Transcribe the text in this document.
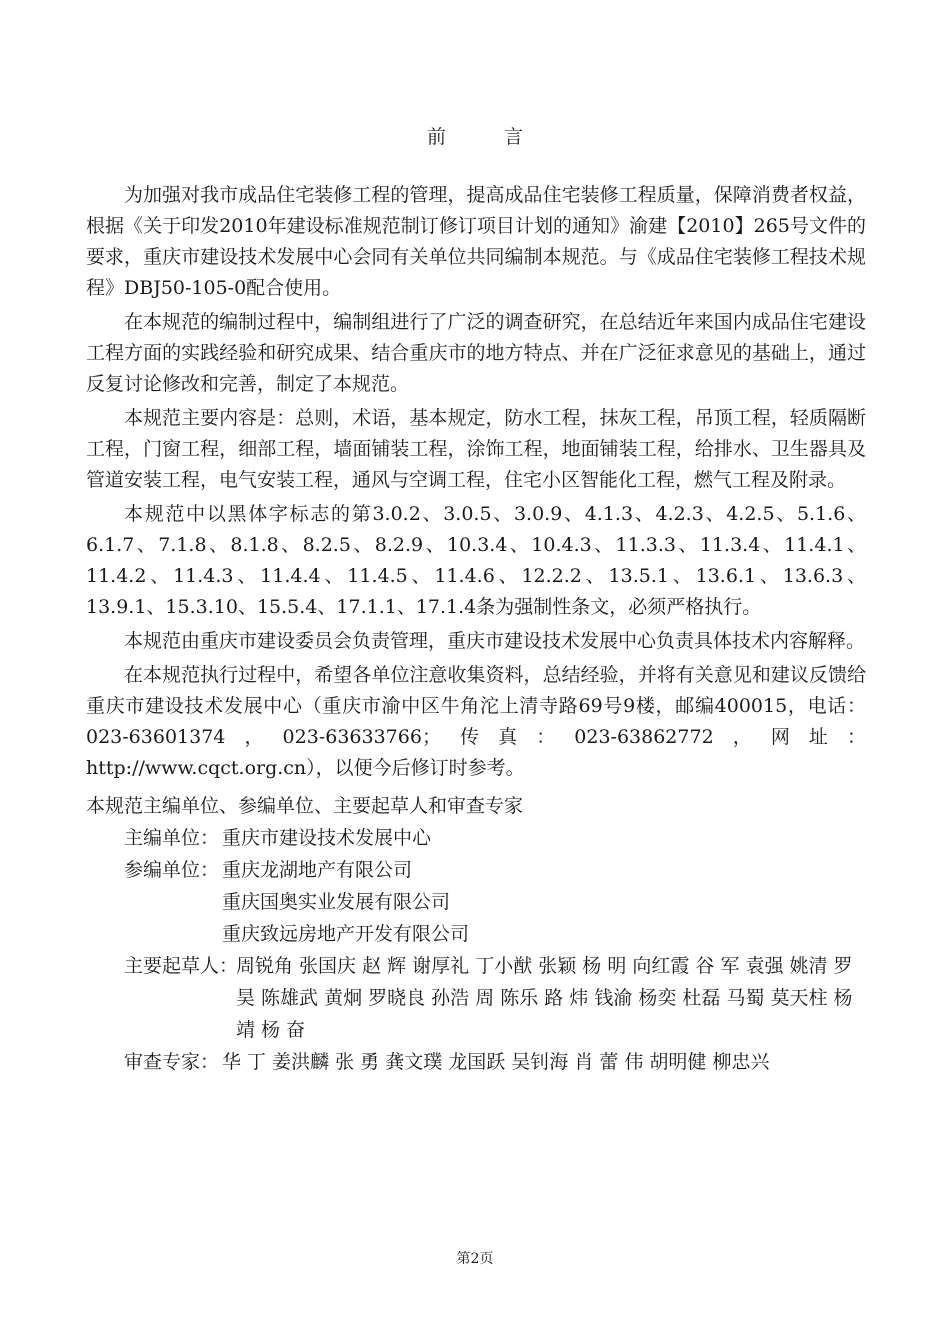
前 言

为加强对我市成品住宅装修工程的管理，提高成品住宅装修工程质量，保障消费者权益，根据《关于印发2010年建设标准规范制订修订项目计划的通知》渝建【2010】265号文件的要求，重庆市建设技术发展中心会同有关单位共同编制本规范。与《成品住宅装修工程技术规程》DBJ50-105-0配合使用。

在本规范的编制过程中，编制组进行了广泛的调查研究，在总结近年来国内成品住宅建设工程方面的实践经验和研究成果、结合重庆市的地方特点、并在广泛征求意见的基础上，通过反复讨论修改和完善，制定了本规范。

本规范主要内容是：总则，术语，基本规定，防水工程，抹灰工程，吊顶工程，轻质隔断工程，门窗工程，细部工程，墙面铺装工程，涂饰工程，地面铺装工程，给排水、卫生器具及管道安装工程，电气安装工程，通风与空调工程，住宅小区智能化工程，燃气工程及附录。

本规范中以黑体字标志的第3.0.2、3.0.5、3.0.9、4.1.3、4.2.3、4.2.5、5.1.6、6.1.7、7.1.8、8.1.8、8.2.5、8.2.9、10.3.4、10.4.3、11.3.3、11.3.4、11.4.1、11.4.2、11.4.3、11.4.4、11.4.5、11.4.6、12.2.2、13.5.1、13.6.1、13.6.3、13.9.1、15.3.10、15.5.4、17.1.1、17.1.4条为强制性条文，必须严格执行。

本规范由重庆市建设委员会负责管理，重庆市建设技术发展中心负责具体技术内容解释。

在本规范执行过程中，希望各单位注意收集资料，总结经验，并将有关意见和建议反馈给重庆市建设技术发展中心（重庆市渝中区牛角沱上清寺路69号9楼，邮编400015，电话：023-63601374，023-63633766；传真：023-63862772，网址：http://www.cqct.org.cn），以便今后修订时参考。

本规范主编单位、参编单位、主要起草人和审查专家
主编单位： 重庆市建设技术发展中心
参编单位： 重庆龙湖地产有限公司
重庆国奥实业发展有限公司
重庆致远房地产开发有限公司
主要起草人：
周锐角 张国庆 赵 辉 谢厚礼 丁小猷 张颖 杨 明 向红霞 谷 军 袁强 姚清 罗昊 陈雄武 黄炯 罗晓良 孙浩 周 陈乐 路 炜 钱渝 杨奕 杜磊 马蜀 莫天柱 杨靖 杨 奋
审查专家： 华 丁 姜洪麟 张 勇 龚文璞 龙国跃 吴钊海 肖 蕾 伟 胡明健 柳忠兴
第2页
